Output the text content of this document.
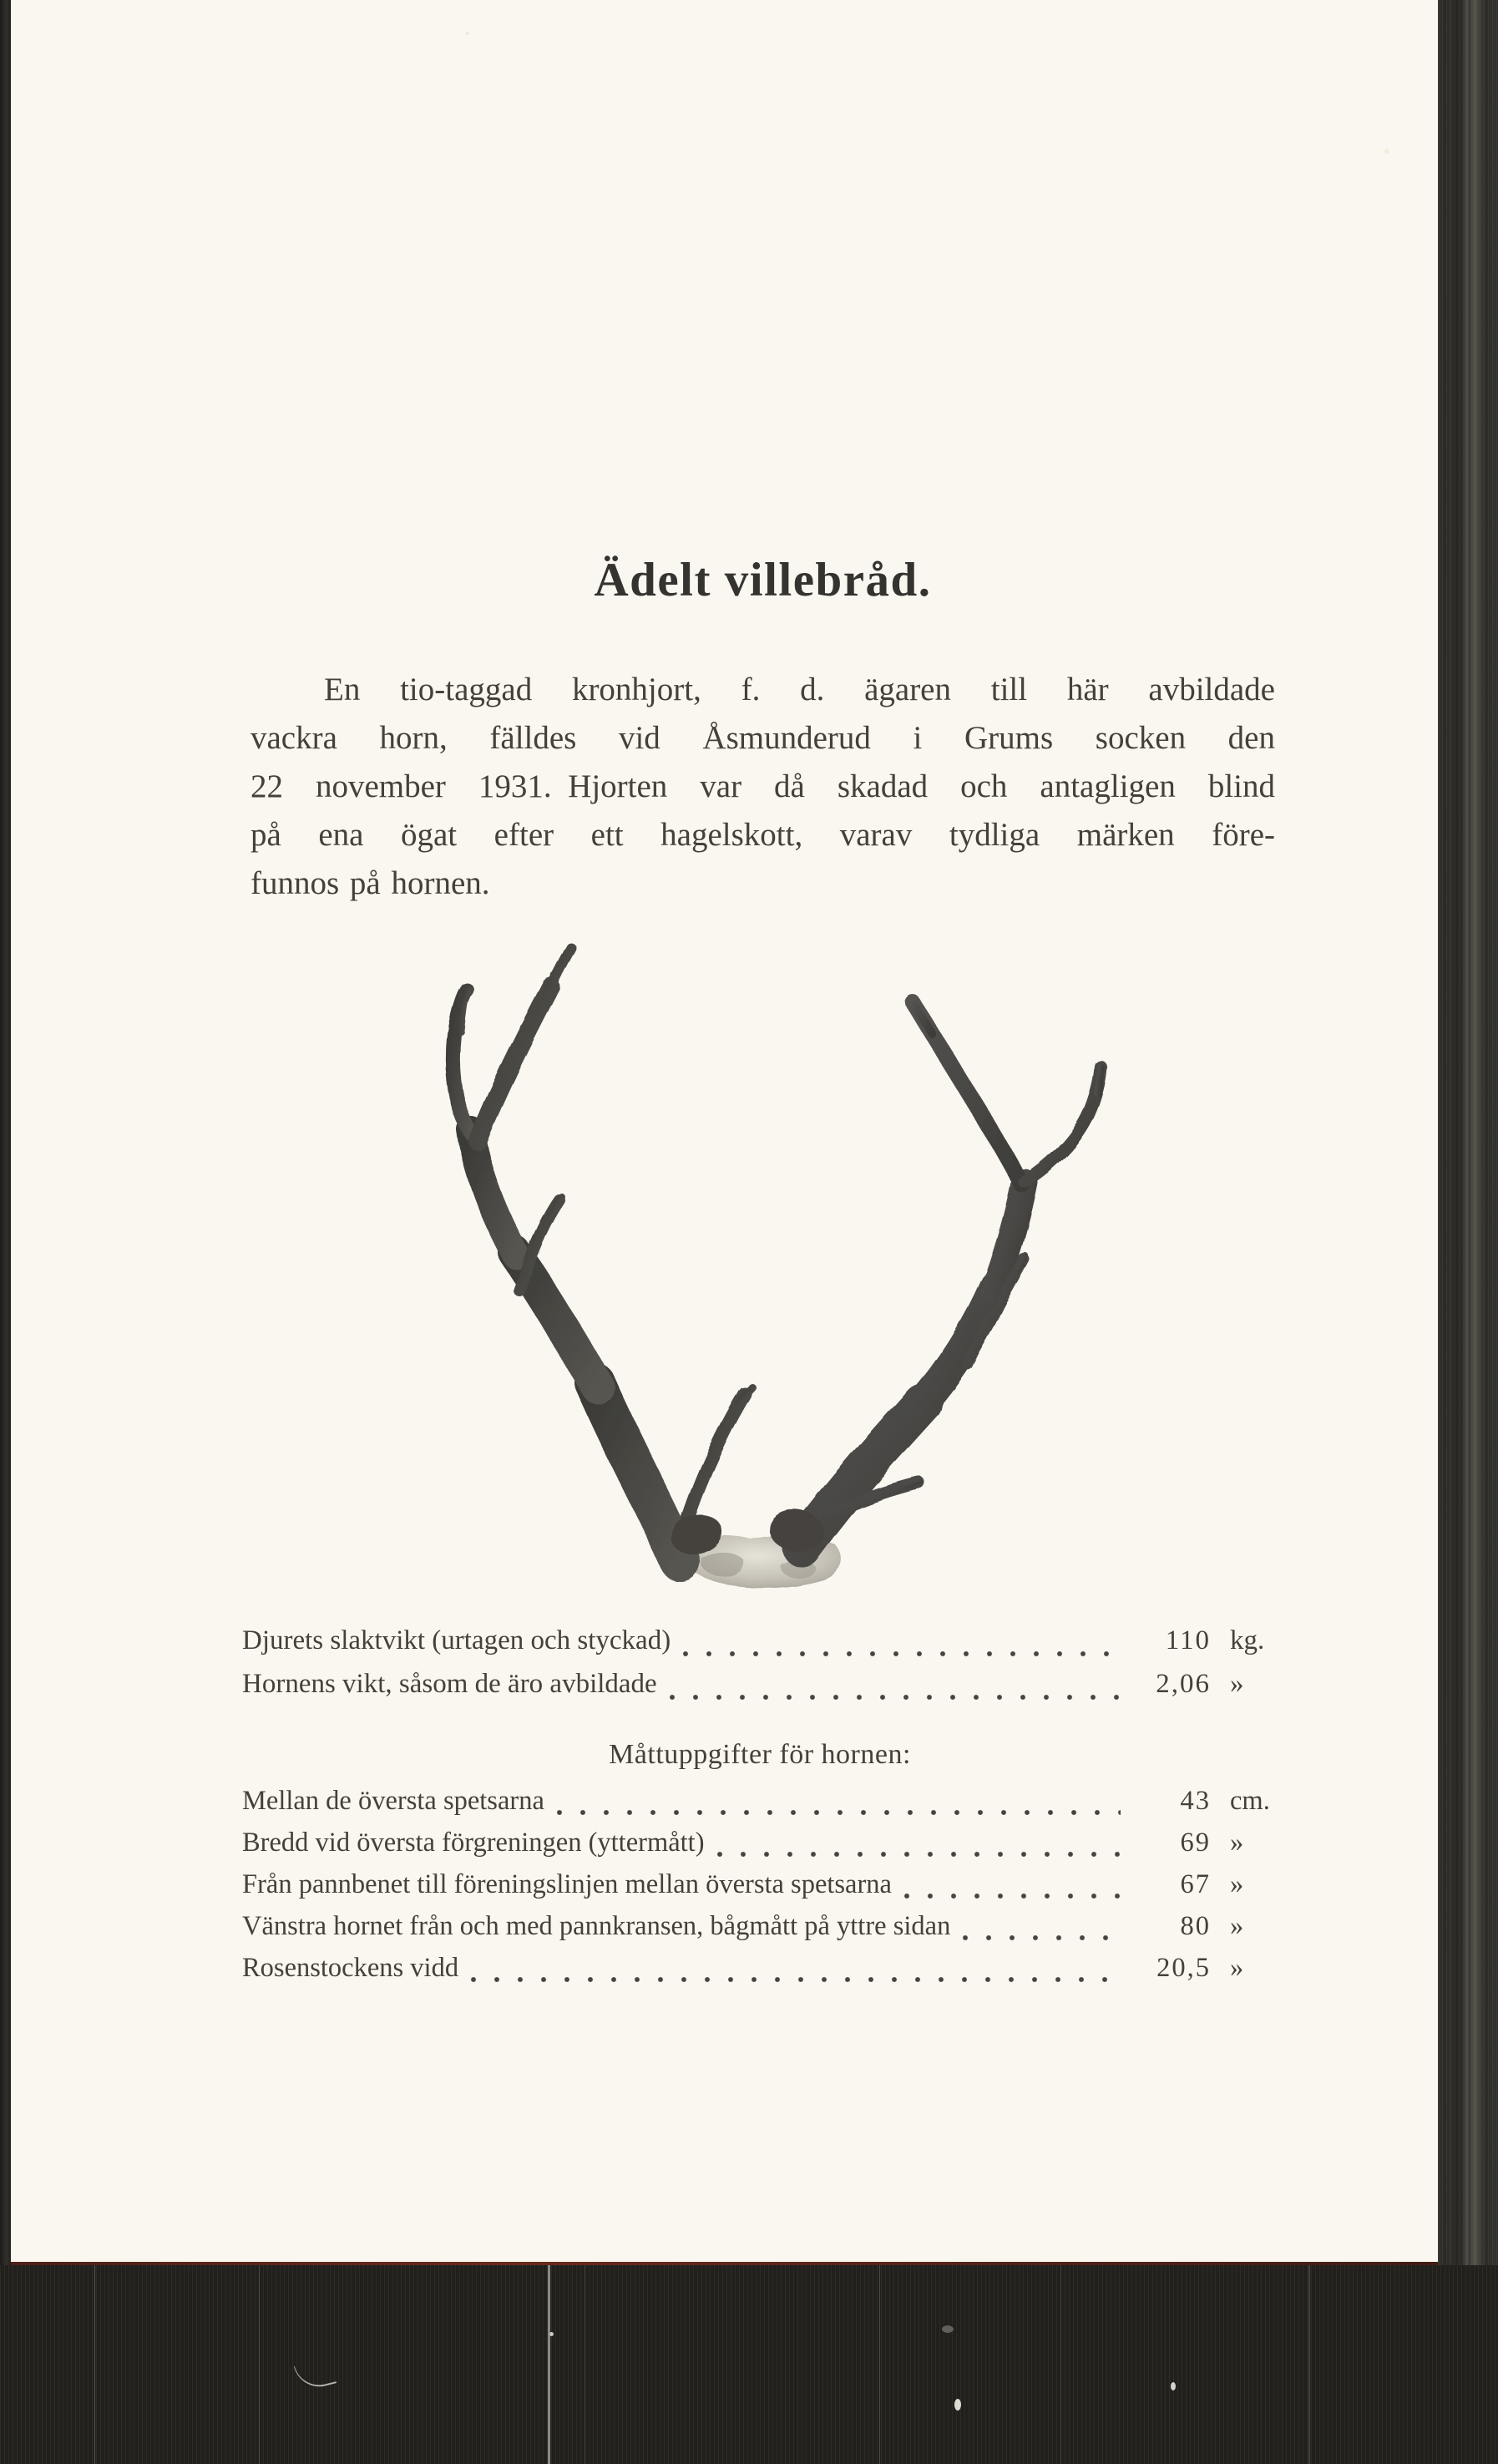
Ädelt villebråd.
En tio-taggad kronhjort, f. d. ägaren till här avbildade
vackra horn, fälldes vid Åsmunderud i Grums socken den
22 november 1931. Hjorten var då skadad och antagligen blind
på ena ögat efter ett hagelskott, varav tydliga märken före-
funnos på hornen.
Djurets slaktvikt (urtagen och styckad)	110 kg.
Hornens vikt, såsom de äro avbildade	2,06 »
Måttuppgifter för hornen:
Mellan de översta spetsarna	43 cm.
Bredd vid översta förgreningen (yttermått)	69 »
Från pannbenet till föreningslinjen mellan översta spetsarna	67 »
Vänstra hornet från och med pannkransen, bågmått på yttre sidan	80 »
Rosenstockens vidd	20,5 »
